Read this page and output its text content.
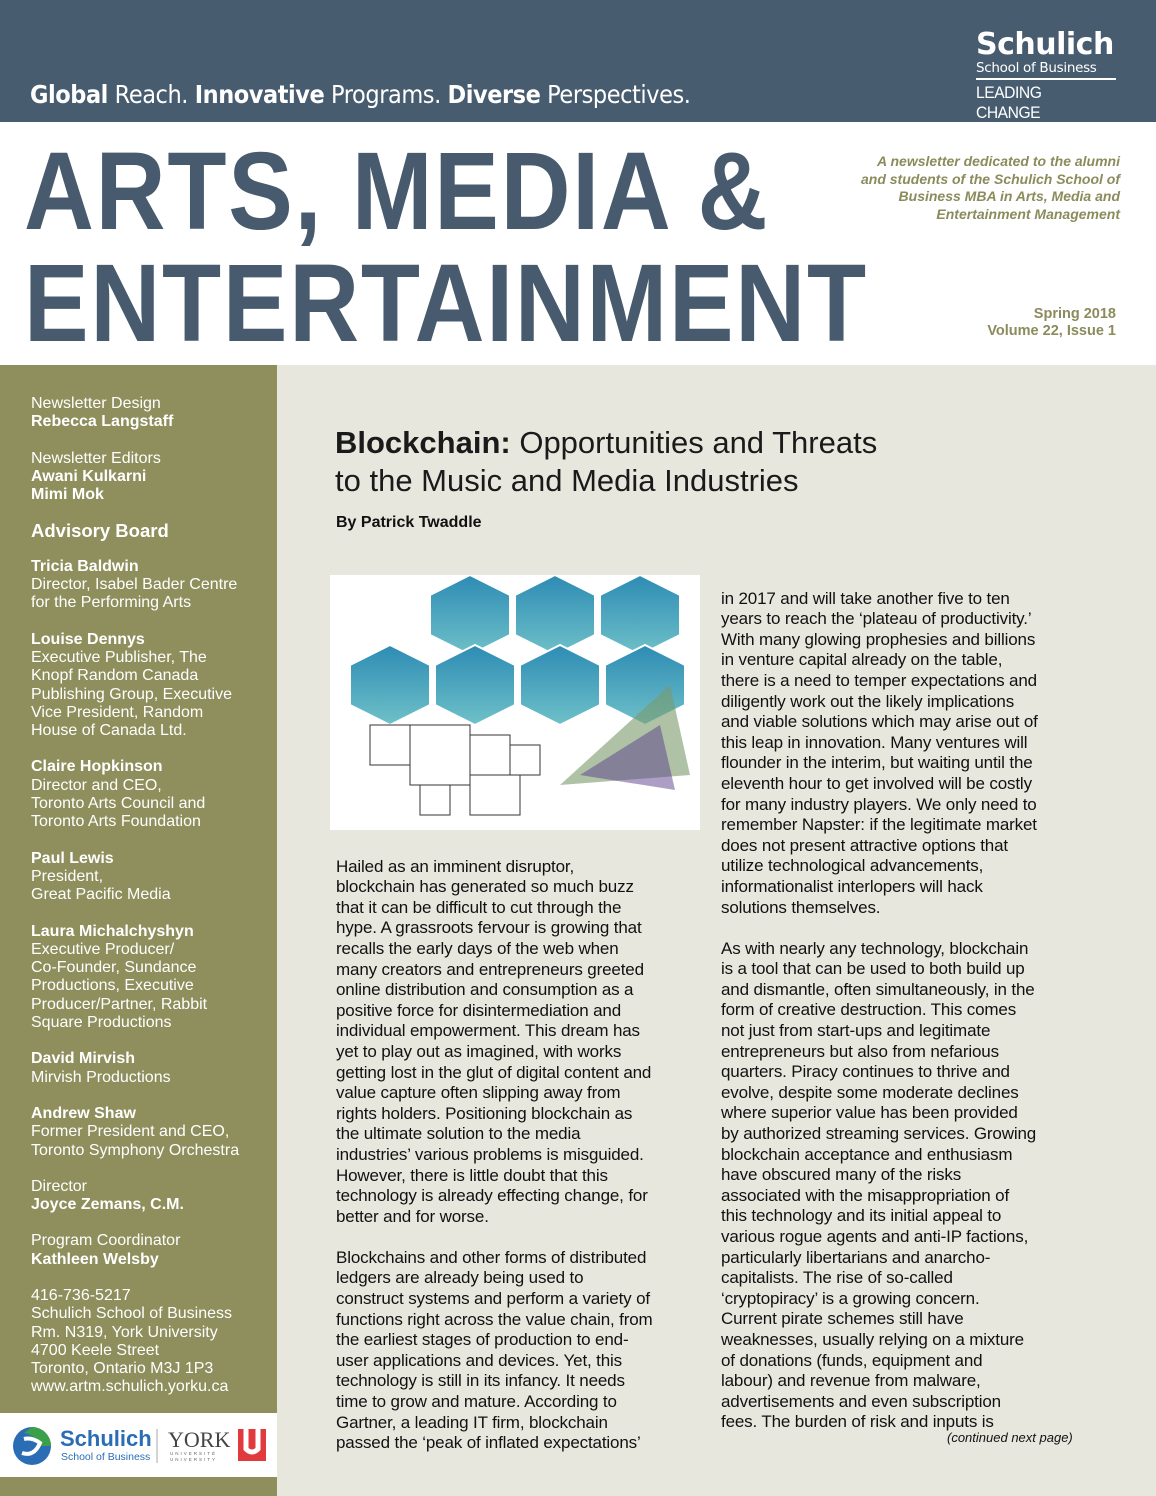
Global Reach. Innovative Programs. Diverse Perspectives.
Schulich
School of Business
LEADING CHANGE
ARTS, MEDIA &
ENTERTAINMENT
A newsletter dedicated to the alumni and students of the Schulich School of Business MBA in Arts, Media and Entertainment Management
Spring 2018
Volume 22, Issue 1
Newsletter Design
Rebecca Langstaff
Newsletter Editors
Awani Kulkarni
Mimi Mok
Advisory Board
Tricia Baldwin
Director, Isabel Bader Centre
for the Performing Arts
Louise Dennys
Executive Publisher, The
Knopf Random Canada
Publishing Group, Executive
Vice President, Random
House of Canada Ltd.
Claire Hopkinson
Director and CEO,
Toronto Arts Council and
Toronto Arts Foundation
Paul Lewis
President,
Great Pacific Media
Laura Michalchyshyn
Executive Producer/
Co-Founder, Sundance
Productions, Executive
Producer/Partner, Rabbit
Square Productions
David Mirvish
Mirvish Productions
Andrew Shaw
Former President and CEO,
Toronto Symphony Orchestra
Director
Joyce Zemans, C.M.
Program Coordinator
Kathleen Welsby
416-736-5217
Schulich School of Business
Rm. N319, York University
4700 Keele Street
Toronto, Ontario M3J 1P3
www.artm.schulich.yorku.ca
Schulich
School of Business
YORK
UNIVERSITÉ
UNIVERSITY
Blockchain: Opportunities and Threats
to the Music and Media Industries
By Patrick Twaddle

Hailed as an imminent disruptor,
blockchain has generated so much buzz
that it can be difficult to cut through the
hype. A grassroots fervour is growing that
recalls the early days of the web when
many creators and entrepreneurs greeted
online distribution and consumption as a
positive force for disintermediation and
individual empowerment. This dream has
yet to play out as imagined, with works
getting lost in the glut of digital content and
value capture often slipping away from
rights holders. Positioning blockchain as
the ultimate solution to the media
industries’ various problems is misguided.
However, there is little doubt that this
technology is already effecting change, for
better and for worse.

Blockchains and other forms of distributed
ledgers are already being used to
construct systems and perform a variety of
functions right across the value chain, from
the earliest stages of production to end-
user applications and devices. Yet, this
technology is still in its infancy. It needs
time to grow and mature. According to
Gartner, a leading IT firm, blockchain
passed the ‘peak of inflated expectations’

in 2017 and will take another five to ten
years to reach the ‘plateau of productivity.’
With many glowing prophesies and billions
in venture capital already on the table,
there is a need to temper expectations and
diligently work out the likely implications
and viable solutions which may arise out of
this leap in innovation. Many ventures will
flounder in the interim, but waiting until the
eleventh hour to get involved will be costly
for many industry players. We only need to
remember Napster: if the legitimate market
does not present attractive options that
utilize technological advancements,
informationalist interlopers will hack
solutions themselves.

As with nearly any technology, blockchain
is a tool that can be used to both build up
and dismantle, often simultaneously, in the
form of creative destruction. This comes
not just from start-ups and legitimate
entrepreneurs but also from nefarious
quarters. Piracy continues to thrive and
evolve, despite some moderate declines
where superior value has been provided
by authorized streaming services. Growing
blockchain acceptance and enthusiasm
have obscured many of the risks
associated with the misappropriation of
this technology and its initial appeal to
various rogue agents and anti-IP factions,
particularly libertarians and anarcho-
capitalists. The rise of so-called
‘cryptopiracy’ is a growing concern.
Current pirate schemes still have
weaknesses, usually relying on a mixture
of donations (funds, equipment and
labour) and revenue from malware,
advertisements and even subscription
fees. The burden of risk and inputs is

(continued next page)
